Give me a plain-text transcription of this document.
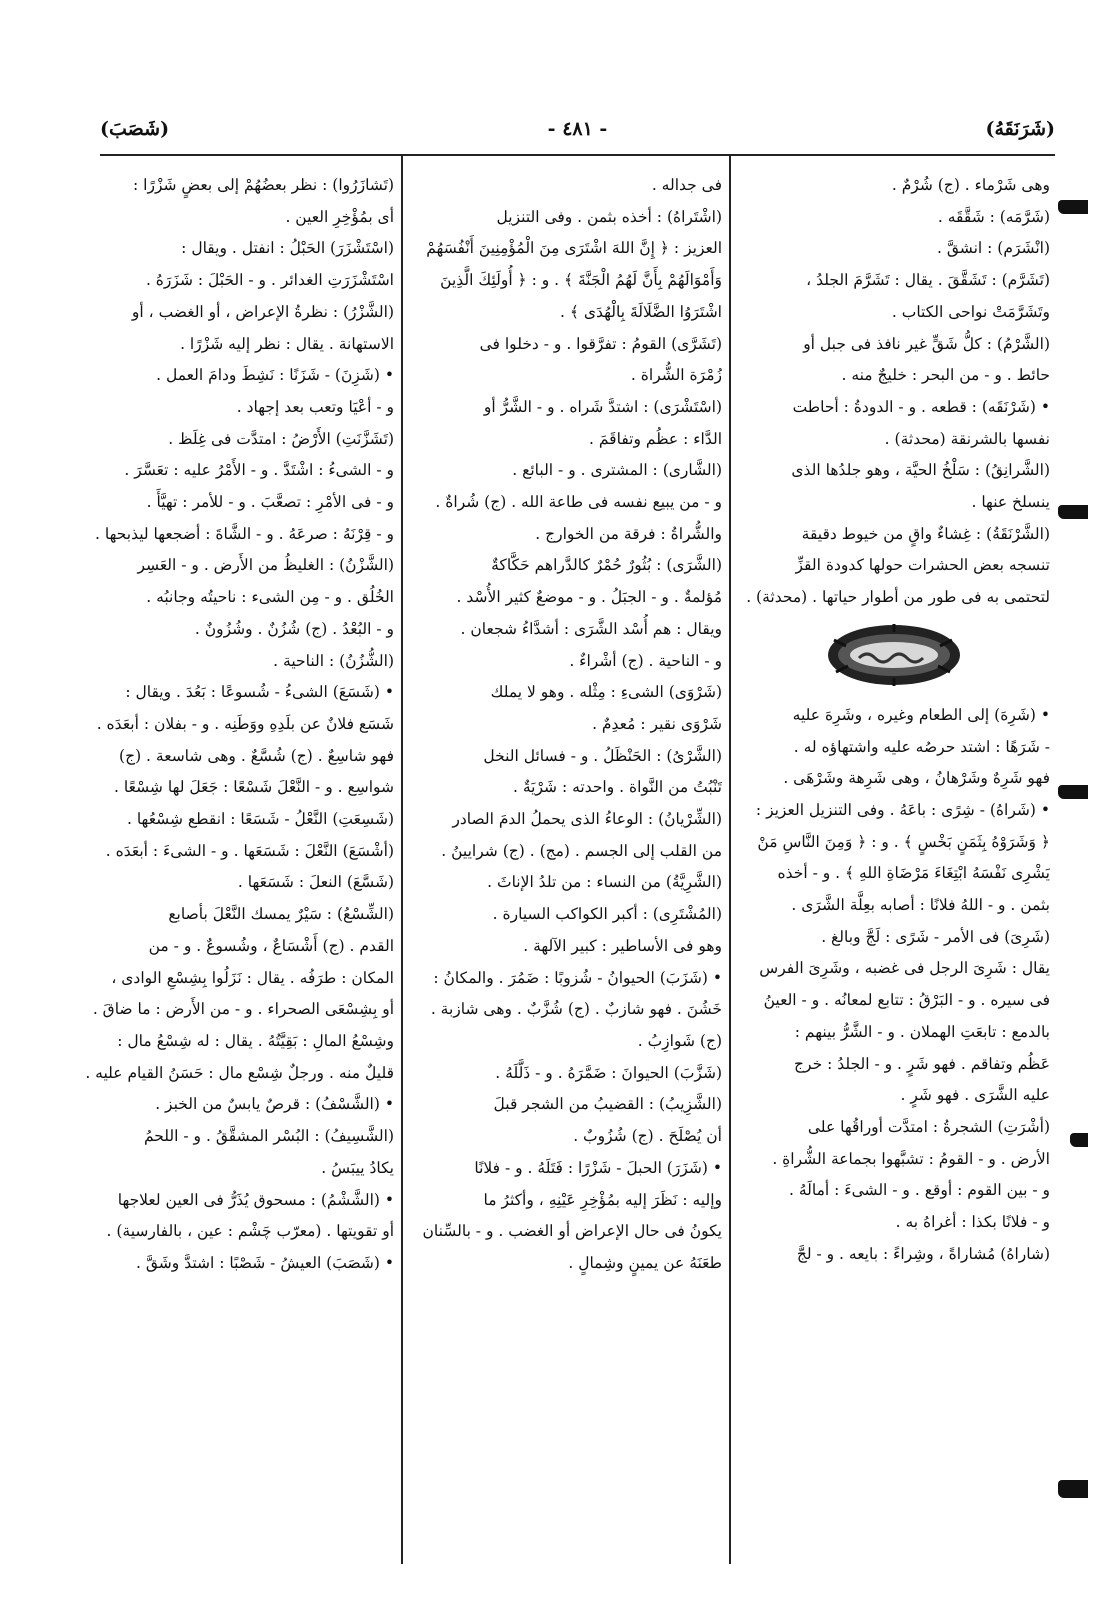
(شَرَنَقَهُ)
- ٤٨١ -
(شَصَبَ)
وهى شَرْماء . (ج) شُرْمٌ .
(شَرَّمَه) : شَقَّقَه .
(انْشَرَم) : انشقَّ .
(تَشَرَّم) : تَشَقَّقَ . يقال : تَشَرَّمَ الجلدُ ،
وتَشَرَّمَتْ نواحى الكتاب .
(الشَّرْمُ) : كلُّ شَقٍّ غير نافذ فى جبل أو
حائط . و - من البحر : خليجٌ منه .
• (شَرْنَقَه) : قطعه . و - الدودةُ : أحاطت
نفسها بالشرنقة (محدثة) .
(الشَّرانِقُ) : سَلْخُ الحيَّة ، وهو جلدُها الذى
ينسلخ عنها .
(الشَّرْنَقَةُ) : غِشاءٌ واقٍ من خيوط دقيقة
تنسجه بعض الحشرات حولها كدودة القزِّ
لتحتمى به فى طور من أطوار حياتها . (محدثة) .
• (شَرِهَ) إلى الطعام وغيره ، وشَرِهَ عليه
- شَرَهًا : اشتد حرصُه عليه واشتهاؤه له .
فهو شَرِهٌ وشَرْهانُ ، وهى شَرِهة وشَرْهَى .
• (شَراهُ) - شِرًى : باعَهُ . وفى التنزيل العزيز :
﴿ وَشَرَوْهُ بِثَمَنٍ بَخْسٍ ﴾ . و : ﴿ وَمِنَ النَّاسِ مَنْ
يَشْرِى نَفْسَهُ ابْتِغَاءَ مَرْضَاةِ اللهِ ﴾ . و - أخذه
بثمن . و - اللهُ فلانًا : أصابه بعِلَّة الشَّرَى .
(شَرِىَ) فى الأمر - شَرًى : لَجَّ وبالغ .
يقال : شَرِىَ الرجل فى غضبه ، وشَرِىَ الفرس
فى سيره . و - البَرْقُ : تتابع لمعانُه . و - العينُ
بالدمع : تابعَتِ الهملان . و - الشَّرُّ بينهم :
عَظُم وتفاقم . فهو شَرٍ . و - الجلدُ : خرج
عليه الشَّرَى . فهو شَرٍ .
(أشْرَتِ) الشجرةُ : امتدَّت أوراقُها على
الأرض . و - القومُ : تشبَّهوا بجماعة الشُّراةِ .
و - بين القوم : أوقع . و - الشىءَ : أمالَهُ .
و - فلانًا بكذا : أغراهُ به .
(شاراهُ) مُشاراةً ، وشِراءً : بايعه . و - لجَّ
فى جداله .
(اشْتَراهُ) : أخذه بثمن . وفى التنزيل
العزيز : ﴿ إِنَّ اللهَ اشْتَرَى مِنَ الْمُؤْمِنِينَ أَنْفُسَهُمْ
وَأَمْوَالَهُمْ بِأَنَّ لَهُمُ الْجَنَّةَ ﴾ . و : ﴿ أُولَئِكَ الَّذِينَ
اشْتَرَوُا الضَّلَالَةَ بِالْهُدَى ﴾ .
(تَشَرَّى) القومُ : تفرَّقوا . و - دخلوا فى
زُمْرَة الشُّراة .
(اسْتَشْرَى) : اشتدَّ شَراه . و - الشَّرُّ أو
الدَّاء : عظُم وتفاقَمَ .
(الشَّارى) : المشترى . و - البائع .
و - من يبيع نفسه فى طاعة الله . (ج) شُراةٌ .
والشُّراةُ : فرقة من الخوارج .
(الشَّرَى) : بُثُورٌ حُمْرٌ كالدَّراهم حَكَّاكةٌ
مُؤلمةٌ . و - الجبَلُ . و - موضعٌ كثير الأُسْد .
ويقال : هم أُسْد الشَّرَى : أشدَّاءُ شجعان .
و - الناحية . (ج) أشْراءٌ .
(شَرْوَى) الشىءِ : مِثْله . وهو لا يملك
شَرْوَى نقير : مُعدِمٌ .
(الشَّرْىُ) : الحَنْظَلُ . و - فسائل النخل
تَنْبُتُ من النَّواة . واحدته : شَرْيَةٌ .
(الشِّرْيانُ) : الوعاءُ الذى يحملُ الدمَ الصادر
من القلب إلى الجسم . (مج) . (ج) شرايينُ .
(الشَّرِيَّةُ) من النساء : من تلدُ الإناثَ .
(المُشْتَرِى) : أكبر الكواكب السيارة .
وهو فى الأساطير : كبير الآلهة .
• (شَزَبَ) الحيوانُ - شُزوبًا : ضَمُرَ . والمكانُ :
خَشُنَ . فهو شازبٌ . (ج) شُزَّبٌ . وهى شازبة .
(ج) شَوازِبُ .
(شَزَّبَ) الحيوانَ : ضَمَّرَهُ . و - ذَلَّلَهُ .
(الشَّزِيبُ) : القضيبُ من الشجر قبلَ
أن يُصْلَحَ . (ج) شُزُوبٌ .
• (شَزَرَ) الحبلَ - شَزْرًا : فَتَلَهُ . و - فلانًا
وإليه : نَظَرَ إليه بمُؤْخِرِ عَيْنِهِ ، وأكثرُ ما
يكونُ فى حال الإعراض أو الغضب . و - بالسِّنان
طعَنَهُ عن يمينٍ وشِمالٍ .
(تَشازَرُوا) : نظر بعضُهُمْ إلى بعضٍ شَزْرًا :
أى بمُؤْخِرِ العين .
(اسْتَشْزَرَ) الحَبْلُ : انفتل . ويقال :
اسْتَشْزَرَتِ الغدائر . و - الحَبْلَ : شَزَرَهُ .
(الشَّزْرُ) : نظرةُ الإعراض ، أو الغضب ، أو
الاستهانة . يقال : نظر إليه شَزْرًا .
• (شَزِنَ) - شَزَنًا : نَشِطَ ودامَ العمل .
و - أعْيَا وتعب بعد إجهاد .
(تَشَزَّنَتِ) الأَرْضُ : امتدَّت فى غِلَظ .
و - الشىءُ : اشْتَدَّ . و - الأَمْرُ عليه : تعَسَّرَ .
و - فى الأمْرِ : تصعَّبَ . و - للأمر : تهيَّأَ .
و - قِرْنَهُ : صرعَهُ . و - الشَّاةَ : أضجعها ليذبحها .
(الشَّزْنُ) : الغليظُ من الأَرض . و - العَسِر
الخُلُق . و - مِن الشىء : ناحيتُه وجانبُه .
و - البُعْدُ . (ج) شُزُنٌ . وشُزُونٌ .
(الشُّزُنُ) : الناحية .
• (شَسَعَ) الشىءُ - شُسوعًا : بَعُدَ . ويقال :
شَسَع فلانٌ عن بلَدِهِ ووَطَنِه . و - بفلان : أبعَدَه .
فهو شاسِعٌ . (ج) شُسَّعٌ . وهى شاسعة . (ج)
شواسِع . و - النَّعْلَ شَسْعًا : جَعَلَ لها شِسْعًا .
(شَسِعَتِ) النَّعْلُ - شَسَعًا : انقطع شِسْعُها .
(أشْسَعَ) النَّعْلَ : شَسَعَها . و - الشىءَ : أبعَدَه .
(شَسَّعَ) النعلَ : شَسَعَها .
(الشِّسْعُ) : سَيْرٌ يمسك النَّعْلَ بأصابع
القدم . (ج) أَشْسَاعٌ ، وشُسوعٌ . و - من
المكان : طرَفُه . يقال : نَزَلُوا بِشِسْعِ الوادى ،
أو بِشِسْعَى الصحراء . و - من الأَرض : ما ضاقَ .
وشِسْعُ المالِ : بَقِيَّتُهُ . يقال : له شِسْعُ مال :
قليلٌ منه . ورجلٌ شِسْع مال : حَسَنُ القيام عليه .
• (الشَّسْفُ) : قرصٌ يابسٌ من الخبز .
(الشَّسِيفُ) : البُسْر المشقَّقُ . و - اللحمُ
يكادُ ييبَسُ .
• (الشَّشْمُ) : مسحوق يُذَرُّ فى العين لعلاجها
أو تقويتها . (معرّب چَشْم : عين ، بالفارسية) .
• (شَصَبَ) العيشُ - شَصْبًا : اشتدَّ وشَقَّ .
